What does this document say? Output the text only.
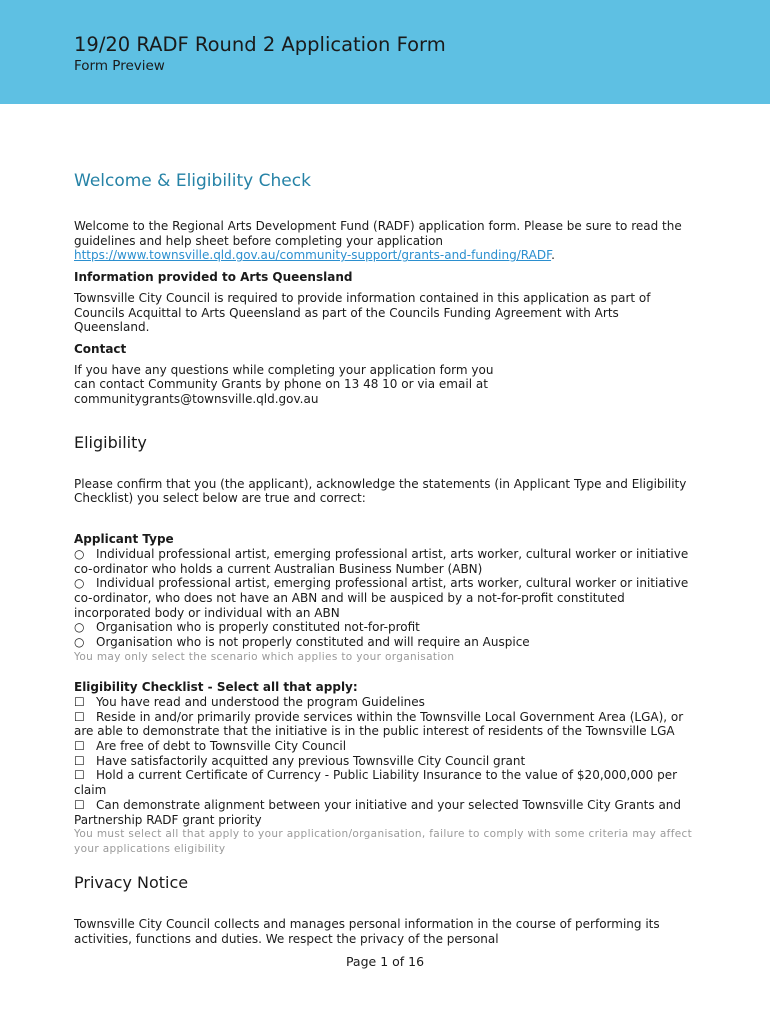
19/20 RADF Round 2 Application Form
Form Preview
Welcome & Eligibility Check

Welcome to the Regional Arts Development Fund (RADF) application form. Please be sure to read the guidelines and help sheet before completing your application https://www.townsville.qld.gov.au/community-support/grants-and-funding/RADF.

Information provided to Arts Queensland

Townsville City Council is required to provide information contained in this application as part of Councils Acquittal to Arts Queensland as part of the Councils Funding Agreement with Arts Queensland.

Contact

If you have any questions while completing your application form you
can contact Community Grants by phone on 13 48 10 or via email at
communitygrants@townsville.qld.gov.au

Eligibility

Please confirm that you (the applicant), acknowledge the statements (in Applicant Type and Eligibility Checklist) you select below are true and correct:

Applicant Type
○ Individual professional artist, emerging professional artist, arts worker, cultural worker or initiative co-ordinator who holds a current Australian Business Number (ABN)
○ Individual professional artist, emerging professional artist, arts worker, cultural worker or initiative co-ordinator, who does not have an ABN and will be auspiced by a not-for-profit constituted incorporated body or individual with an ABN
○ Organisation who is properly constituted not-for-profit
○ Organisation who is not properly constituted and will require an Auspice
You may only select the scenario which applies to your organisation
Eligibility Checklist - Select all that apply:
☐ You have read and understood the program Guidelines
☐ Reside in and/or primarily provide services within the Townsville Local Government Area (LGA), or are able to demonstrate that the initiative is in the public interest of residents of the Townsville LGA
☐ Are free of debt to Townsville City Council
☐ Have satisfactorily acquitted any previous Townsville City Council grant
☐ Hold a current Certificate of Currency - Public Liability Insurance to the value of $20,000,000 per claim
☐ Can demonstrate alignment between your initiative and your selected Townsville City Grants and Partnership RADF grant priority
You must select all that apply to your application/organisation, failure to comply with some criteria may affect your applications eligibility
Privacy Notice

Townsville City Council collects and manages personal information in the course of performing its activities, functions and duties. We respect the privacy of the personal

Page 1 of 16
